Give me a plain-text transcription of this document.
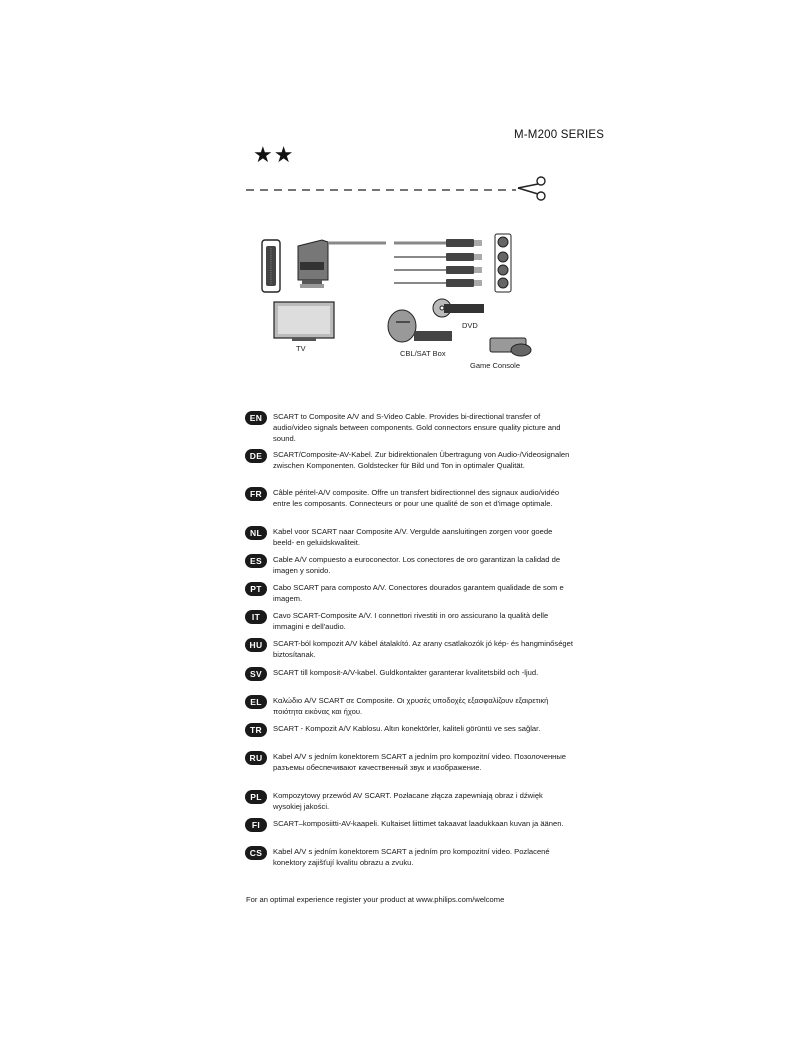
M-M200 SERIES
★★
TV
CBL/SAT Box
DVD
Game Console
EN	SCART to Composite A/V and S-Video Cable. Provides bi-directional transfer of audio/video signals between components. Gold connectors ensure quality picture and sound.
DE	SCART/Composite-AV-Kabel. Zur bidirektionalen Übertragung von Audio-/Videosignalen zwischen Komponenten. Goldstecker für Bild und Ton in optimaler Qualität.
FR	Câble péritel-A/V composite. Offre un transfert bidirectionnel des signaux audio/vidéo entre les composants. Connecteurs or pour une qualité de son et d'image optimale.
NL	Kabel voor SCART naar Composite A/V. Vergulde aansluitingen zorgen voor goede beeld- en geluidskwaliteit.
ES	Cable A/V compuesto a euroconector. Los conectores de oro garantizan la calidad de imagen y sonido.
PT	Cabo SCART para composto A/V. Conectores dourados garantem qualidade de som e imagem.
IT	Cavo SCART-Composite A/V. I connettori rivestiti in oro assicurano la qualità delle immagini e dell'audio.
HU	SCART-ból kompozit A/V kábel átalakító. Az arany csatlakozók jó kép- és hangminőséget biztosítanak.
SV	SCART till komposit-A/V-kabel. Guldkontakter garanterar kvalitetsbild och -ljud.
EL	Καλώδιο A/V SCART σε Composite. Οι χρυσές υποδοχές εξασφαλίζουν εξαιρετική ποιότητα εικόνας και ήχου.
TR	SCART - Kompozit A/V Kablosu. Altın konektörler, kaliteli görüntü ve ses sağlar.
RU	Kabel A/V s jedním konektorem SCART a jedním pro kompozitní video. Позолоченные разъемы обеспечивают качественный звук и изображение.
PL	Kompozytowy przewód AV SCART. Pozłacane złącza zapewniają obraz i dźwięk wysokiej jakości.
FI	SCART–komposiitti-AV-kaapeli. Kultaiset liittimet takaavat laadukkaan kuvan ja äänen.
CS	Kabel A/V s jedním konektorem SCART a jedním pro kompozitní video. Pozlacené konektory zajišťují kvalitu obrazu a zvuku.
For an optimal experience register your product at www.philips.com/welcome
